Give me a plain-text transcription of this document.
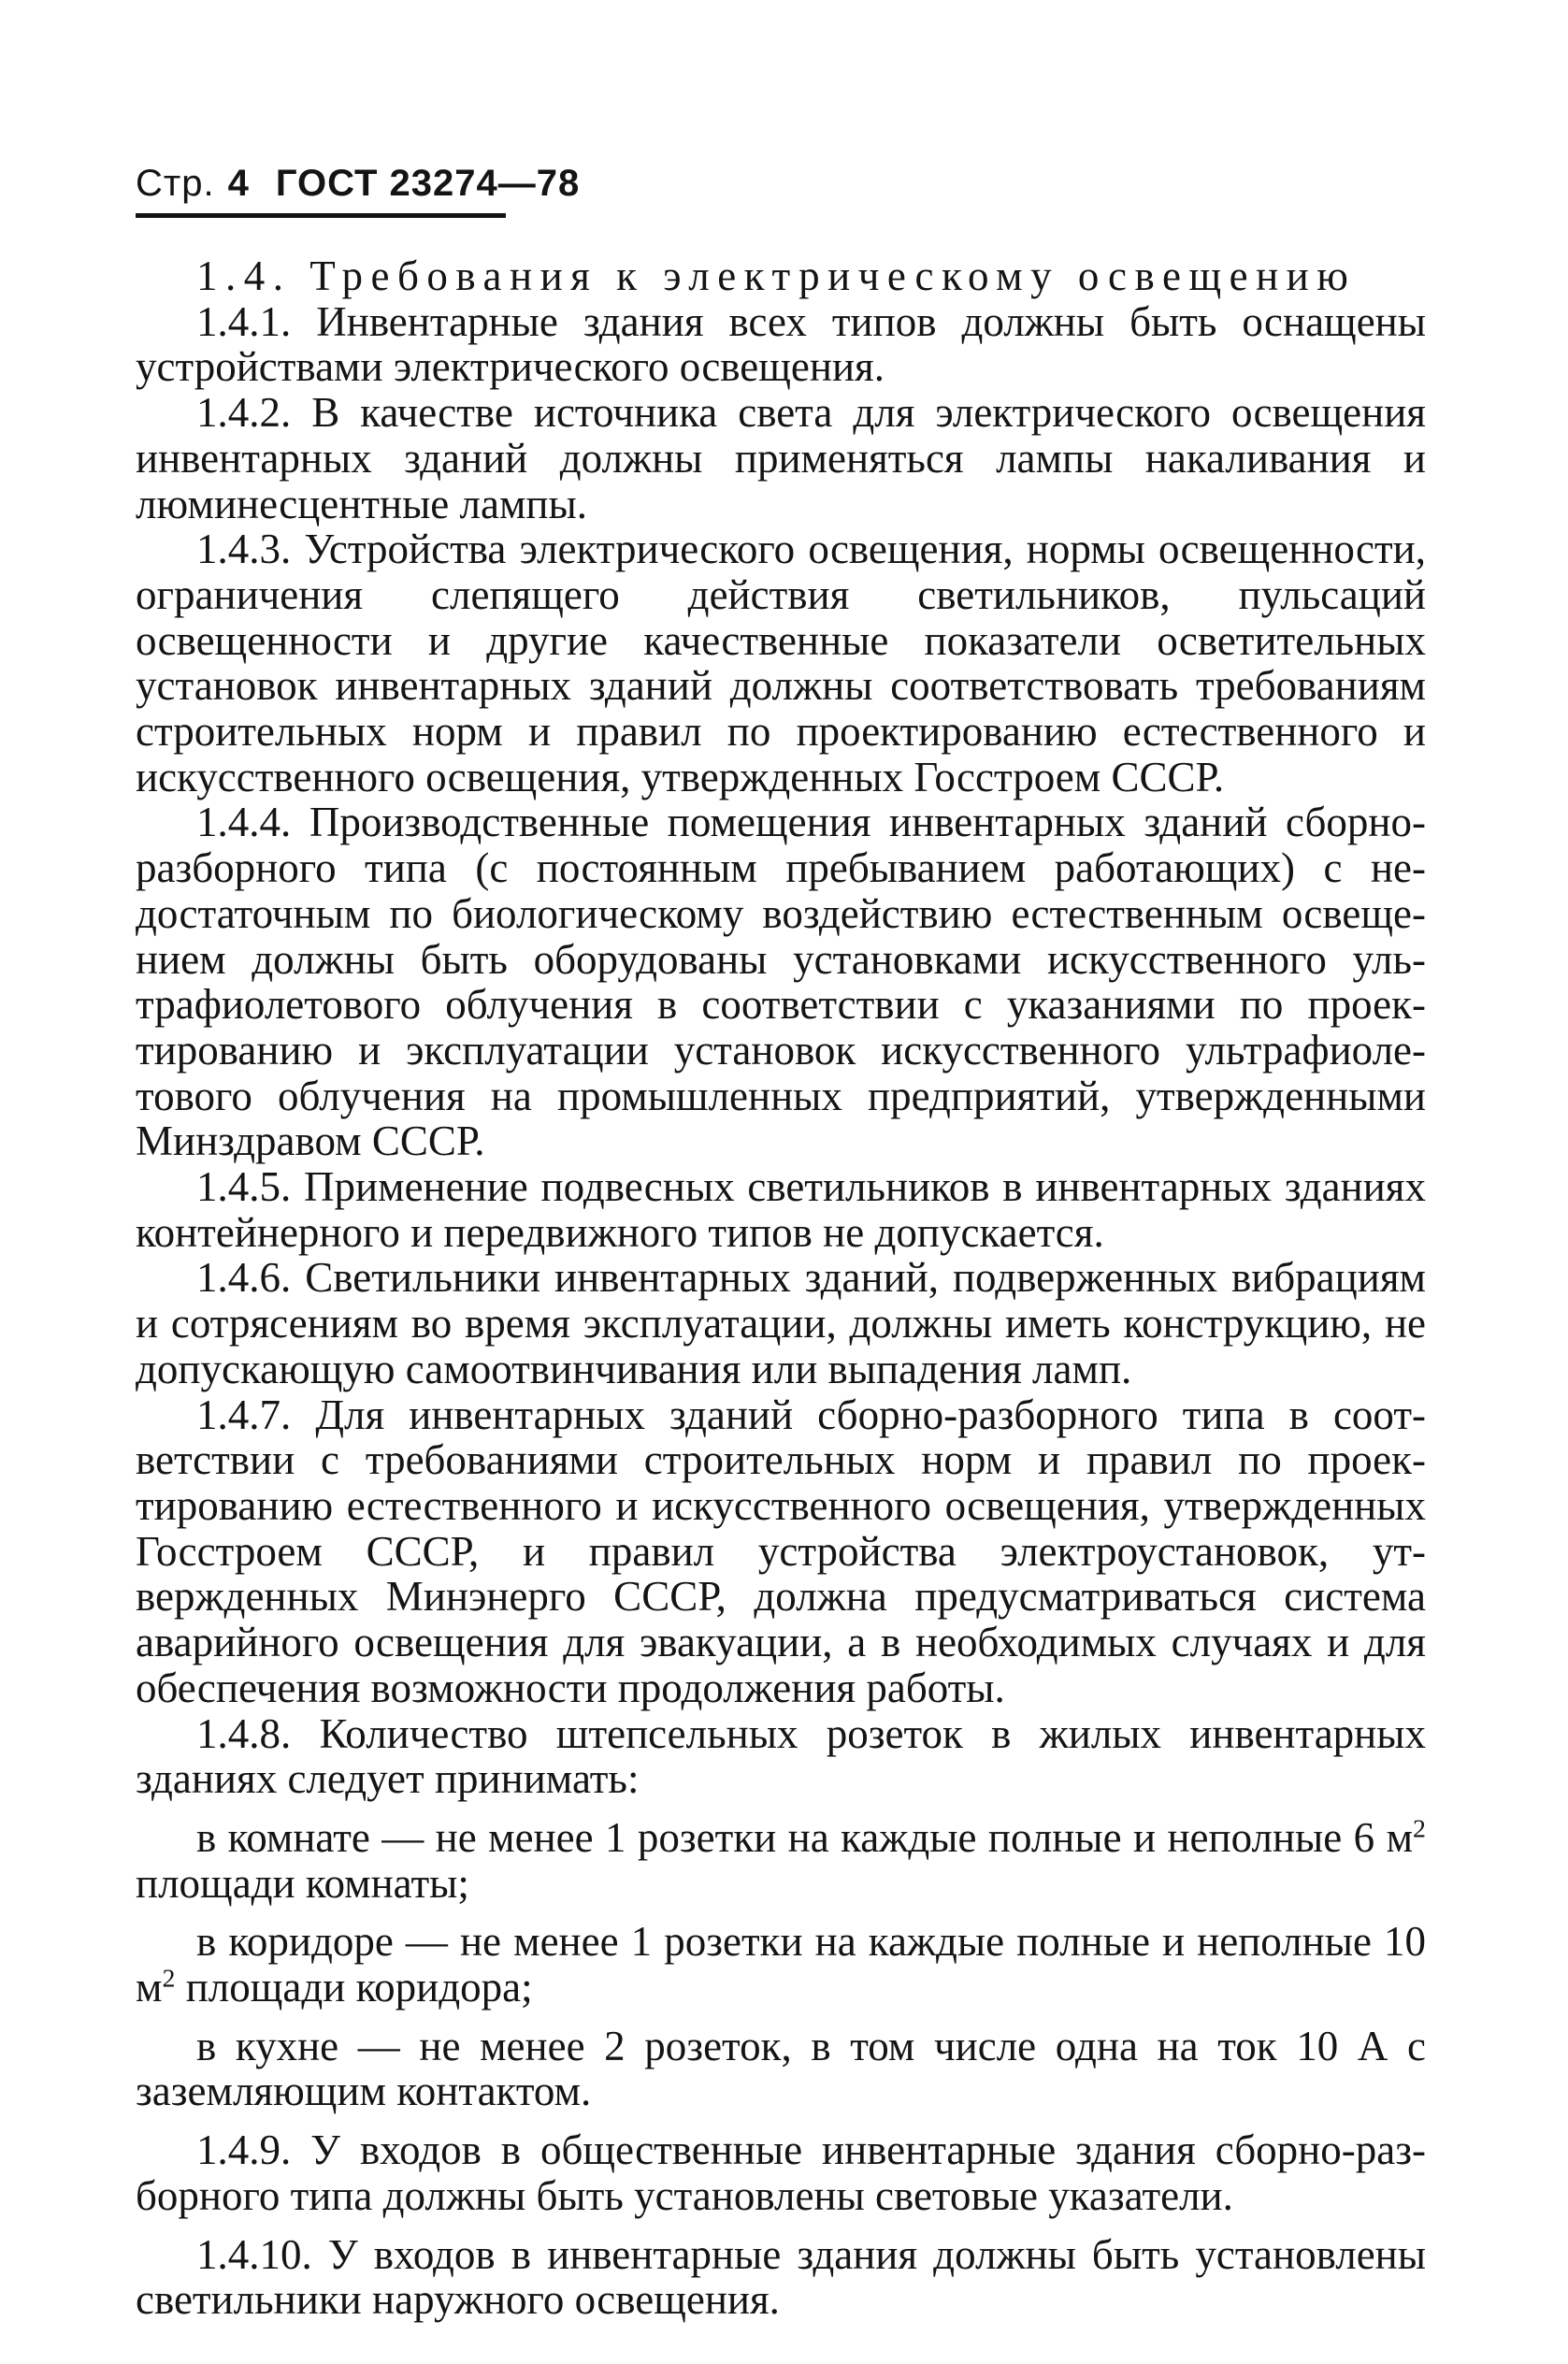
Стр. 4 ГОСТ 23274—78

1.4. Требования к электрическому освещению

1.4.1. Инвентарные здания всех типов должны быть оснащены устройствами электрического освещения.

1.4.2. В качестве источника света для электрического освещения инвентарных зданий должны применяться лампы накаливания и люминесцентные лампы.

1.4.3. Устройства электрического освещения, нормы освещенности, ограничения слепящего действия светильников, пульсаций освещенности и другие качественные показатели осветительных установок инвентарных зданий должны соответствовать требованиям строительных норм и правил по проектированию естественного и искусственного освещения, утвержденных Госстроем СССР.

1.4.4. Производственные помещения инвентарных зданий сборно-разборного типа (с постоянным пребыванием работающих) с недостаточным по биологическому воздействию естественным освещением должны быть оборудованы установками искусственного ультрафиолетового облучения в соответствии с указаниями по проектированию и эксплуатации установок искусственного ультрафиолетового облучения на промышленных предприятий, утвержденными Минздравом СССР.

1.4.5. Применение подвесных светильников в инвентарных зданиях контейнерного и передвижного типов не допускается.

1.4.6. Светильники инвентарных зданий, подверженных вибрациям и сотрясениям во время эксплуатации, должны иметь конструкцию, не допускающую самоотвинчивания или выпадения ламп.

1.4.7. Для инвентарных зданий сборно-разборного типа в соответствии с требованиями строительных норм и правил по проектированию естественного и искусственного освещения, утвержденных Госстроем СССР, и правил устройства электроустановок, утвержденных Минэнерго СССР, должна предусматриваться система аварийного освещения для эвакуации, а в необходимых случаях и для обеспечения возможности продолжения работы.

1.4.8. Количество штепсельных розеток в жилых инвентарных зданиях следует принимать:

в комнате — не менее 1 розетки на каждые полные и неполные 6 $м^2$ площади комнаты;

в коридоре — не менее 1 розетки на каждые полные и неполные 10 $м^2$ площади коридора;

в кухне — не менее 2 розеток, в том числе одна на ток 10 А с заземляющим контактом.

1.4.9. У входов в общественные инвентарные здания сборно-разборного типа должны быть установлены световые указатели.

1.4.10. У входов в инвентарные здания должны быть установлены светильники наружного освещения.
